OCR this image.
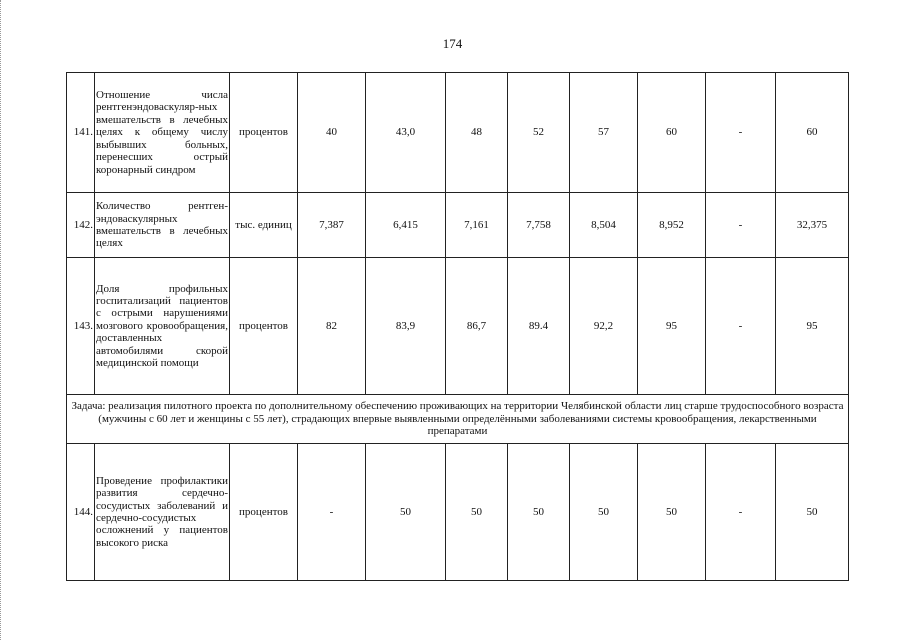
174
141.	Отношение числа рентгенэндоваскуляр-ных вмешательств в лечебных целях к общему числу выбывших больных, перенесших острый коронарный синдром	процентов	40	43,0	48	52	57	60	-	60
142.	Количество рентген-эндоваскулярных вмешательств в лечебных целях	тыс. единиц	7,387	6,415	7,161	7,758	8,504	8,952	-	32,375
143.	Доля профильных госпитализаций пациентов с острыми нарушениями мозгового кровообращения, доставленных автомобилями скорой медицинской помощи	процентов	82	83,9	86,7	89.4	92,2	95	-	95
Задача: реализация пилотного проекта по дополнительному обеспечению проживающих на территории Челябинской области лиц старше трудоспособного возраста (мужчины с 60 лет и женщины с 55 лет), страдающих впервые выявленными определёнными заболеваниями системы кровообращения, лекарственными препаратами										
144.	Проведение профилактики развития сердечно-сосудистых заболеваний и сердечно-сосудистых осложнений у пациентов высокого риска	процентов	-	50	50	50	50	50	-	50
